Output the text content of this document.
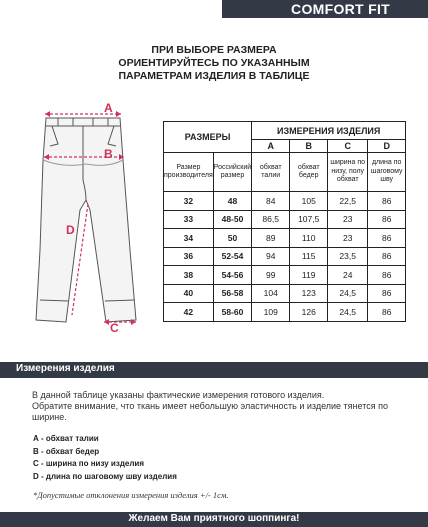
COMFORT FIT
ПРИ ВЫБОРЕ РАЗМЕРА
ОРИЕНТИРУЙТЕСЬ ПО УКАЗАННЫМ
ПАРАМЕТРАМ ИЗДЕЛИЯ В ТАБЛИЦЕ
A
B
D
C
РАЗМЕРЫ		ИЗМЕРЕНИЯ ИЗДЕЛИЯ			
		A	B	C	D
Размер производителя	Российский размер	обхват талии	обхват бедер	ширина по низу, полу обхват	длина по шаговому шву
32	48	84	105	22,5	86
33	48-50	86,5	107,5	23	86
34	50	89	110	23	86
36	52-54	94	115	23,5	86
38	54-56	99	119	24	86
40	56-58	104	123	24,5	86
42	58-60	109	126	24,5	86
Измерения изделия
В данной таблице указаны фактические измерения готового изделия.
Обратите внимание, что ткань имеет небольшую эластичность и изделие тянется по ширине.
А - обхват талии
В - обхват бедер
С - ширина по низу изделия
D - длина по шаговому шву изделия
*Допустимые отклонения измерения изделия +/- 1см.
Желаем Вам приятного шоппинга!
